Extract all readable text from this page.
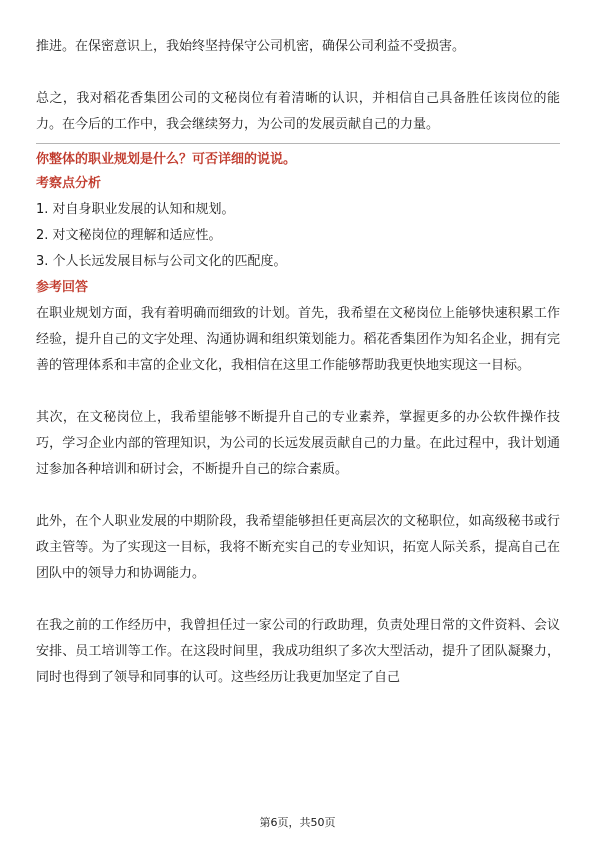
推进。在保密意识上，我始终坚持保守公司机密，确保公司利益不受损害。

总之，我对稻花香集团公司的文秘岗位有着清晰的认识，并相信自己具备胜任该岗位的能力。在今后的工作中，我会继续努力，为公司的发展贡献自己的力量。

你整体的职业规划是什么？可否详细的说说。

考察点分析

1. 对自身职业发展的认知和规划。
2. 对文秘岗位的理解和适应性。
3. 个人长远发展目标与公司文化的匹配度。

参考回答

在职业规划方面，我有着明确而细致的计划。首先，我希望在文秘岗位上能够快速积累工作经验，提升自己的文字处理、沟通协调和组织策划能力。稻花香集团作为知名企业，拥有完善的管理体系和丰富的企业文化，我相信在这里工作能够帮助我更快地实现这一目标。

其次，在文秘岗位上，我希望能够不断提升自己的专业素养，掌握更多的办公软件操作技巧，学习企业内部的管理知识，为公司的长远发展贡献自己的力量。在此过程中，我计划通过参加各种培训和研讨会，不断提升自己的综合素质。

此外，在个人职业发展的中期阶段，我希望能够担任更高层次的文秘职位，如高级秘书或行政主管等。为了实现这一目标，我将不断充实自己的专业知识，拓宽人际关系，提高自己在团队中的领导力和协调能力。

在我之前的工作经历中，我曾担任过一家公司的行政助理，负责处理日常的文件资料、会议安排、员工培训等工作。在这段时间里，我成功组织了多次大型活动，提升了团队凝聚力，同时也得到了领导和同事的认可。这些经历让我更加坚定了自己

第6页，共50页
